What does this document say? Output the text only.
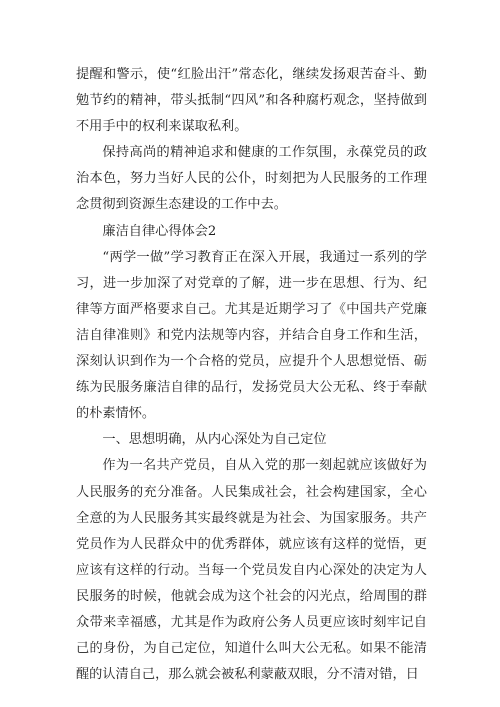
提醒和警示，使“红脸出汗”常态化，继续发扬艰苦奋斗、勤勉节约的精神，带头抵制“四风”和各种腐朽观念，坚持做到不用手中的权利来谋取私利。

保持高尚的精神追求和健康的工作氛围，永葆党员的政治本色，努力当好人民的公仆，时刻把为人民服务的工作理念贯彻到资源生态建设的工作中去。

廉洁自律心得体会2

“两学一做”学习教育正在深入开展，我通过一系列的学习，进一步加深了对党章的了解，进一步在思想、行为、纪律等方面严格要求自己。尤其是近期学习了《中国共产党廉洁自律准则》和党内法规等内容，并结合自身工作和生活，深刻认识到作为一个合格的党员，应提升个人思想觉悟、砺练为民服务廉洁自律的品行，发扬党员大公无私、终于奉献的朴素情怀。

一、思想明确，从内心深处为自己定位

作为一名共产党员，自从入党的那一刻起就应该做好为人民服务的充分准备。人民集成社会，社会构建国家，全心全意的为人民服务其实最终就是为社会、为国家服务。共产党员作为人民群众中的优秀群体，就应该有这样的觉悟，更应该有这样的行动。当每一个党员发自内心深处的决定为人民服务的时候，他就会成为这个社会的闪光点，给周围的群众带来幸福感，尤其是作为政府公务人员更应该时刻牢记自己的身份，为自己定位，知道什么叫大公无私。如果不能清醒的认清自己，那么就会被私利蒙蔽双眼，分不清对错，日
